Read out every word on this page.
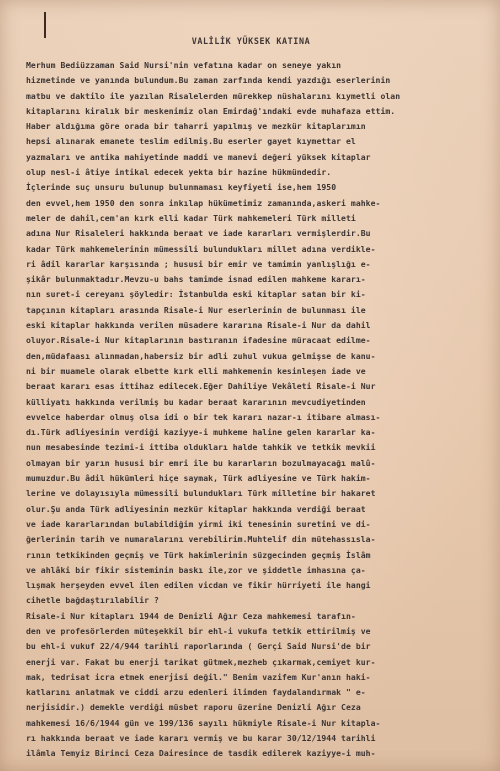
VALİLİK YÜKSEK KATINA
Merhum Bediüzzaman Said Nursi'nin vefatına kadar on seneye yakın
hizmetinde ve yanında bulundum.Bu zaman zarfında kendi yazdığı eserlerinin
matbu ve daktilo ile yazılan Risalelerden mürekkep nüshalarını kıymetli olan
kitaplarını kiralık bir meskenimiz olan Emirdağ'ındaki evde muhafaza ettim.
Haber aldığıma göre orada bir taharri yapılmış ve mezkür kitaplarımın
hepsi alınarak emanete teslim edilmiş.Bu eserler gayet kıymettar el
yazmaları ve antika mahiyetinde maddi ve manevi değeri yüksek kitaplar
olup nesl-i âtiye intikal edecek yekta bir hazine hükmündedir.
İçlerinde suç unsuru bulunup bulunmaması keyfiyeti ise,hem 1950
den evvel,hem 1950 den sonra inkılap hükümetimiz zamanında,askeri mahke-
meler de dahil,cem'an kırk elli kadar Türk mahkemeleri Türk milleti
adına Nur Risaleleri hakkında beraat ve iade kararları vermişlerdir.Bu
kadar Türk mahkemelerinin mümessili bulundukları millet adına verdikle-
ri âdil kararlar karşısında ; hususi bir emir ve tamimin yanlışlığı e-
şikâr bulunmaktadır.Mevzu-u bahs tamimde isnad edilen mahkeme kararı-
nın suret-i cereyanı şöyledir: İstanbulda eski kitaplar satan bir ki-
tapçının kitapları arasında Risale-i Nur eserlerinin de bulunması ile
eski kitaplar hakkında verilen müsadere kararına Risale-i Nur da dahil
oluyor.Risale-i Nur kitaplarının bastıranın ifadesine müracaat edilme-
den,müdafaası alınmadan,habersiz bir adli zuhul vukua gelmişse de kanu-
ni bir muamele olarak elbette kırk elli mahkemenin kesinleşen iade ve
beraat kararı esas ittihaz edilecek.Eğer Dahiliye Vekâleti Risale-i Nur
külliyatı hakkında verilmiş bu kadar beraat kararının mevcudiyetinden
evvelce haberdar olmuş olsa idi o bir tek kararı nazar-ı itibare alması-
dı.Türk adliyesinin verdiği kaziyye-i muhkeme haline gelen kararlar ka-
nun mesabesinde tezimi-i ittiba oldukları halde tahkik ve tetkik mevkii
olmayan bir yarın hususi bir emri ile bu kararların bozulmayacağı malû-
mumuzdur.Bu âdil hükümleri hiçe saymak, Türk adliyesine ve Türk hakim-
lerine ve dolayısıyla mümessili bulundukları Türk milletine bir hakaret
olur.Şu anda Türk adliyesinin mezkür kitaplar hakkında verdiği beraat
ve iade kararlarından bulabildiğim yirmi iki tenesinin suretini ve di-
ğerlerinin tarih ve numaralarını verebilirim.Muhtelif din mütehassısla-
rının tetkikinden geçmiş ve Türk hakimlerinin süzgecinden geçmiş İslâm
ve ahlâki bir fikir sisteminin baskı ile,zor ve şiddetle imhasına ça-
lışmak herşeyden evvel ilen edilen vicdan ve fikir hürriyeti ile hangi
cihetle bağdaştırılabilir ?
Risale-i Nur kitapları 1944 de Denizli Ağır Ceza mahkemesi tarafın-
den ve profesörlerden müteşekkil bir ehl-i vukufa tetkik ettirilmiş ve
bu ehl-i vukuf 22/4/944 tarihli raporlarında ( Gerçi Said Nursi'de bir
enerji var. Fakat bu enerji tarikat gütmek,mezheb çıkarmak,cemiyet kur-
mak, tedrisat icra etmek enerjisi değil." Benim vazifem Kur'anın haki-
katlarını anlatmak ve ciddi arzu edenleri ilimden faydalandırmak " e-
nerjisidir.) demekle verdiği müsbet raporu üzerine Denizli Ağır Ceza
mahkemesi 16/6/1944 gün ve 199/136 sayılı hükmiyle Risale-i Nur kitapla-
rı hakkında beraat ve iade kararı vermiş ve bu karar 30/12/1944 tarihli
ilâmla Temyiz Birinci Ceza Dairesince de tasdik edilerek kaziyye-i muh-
